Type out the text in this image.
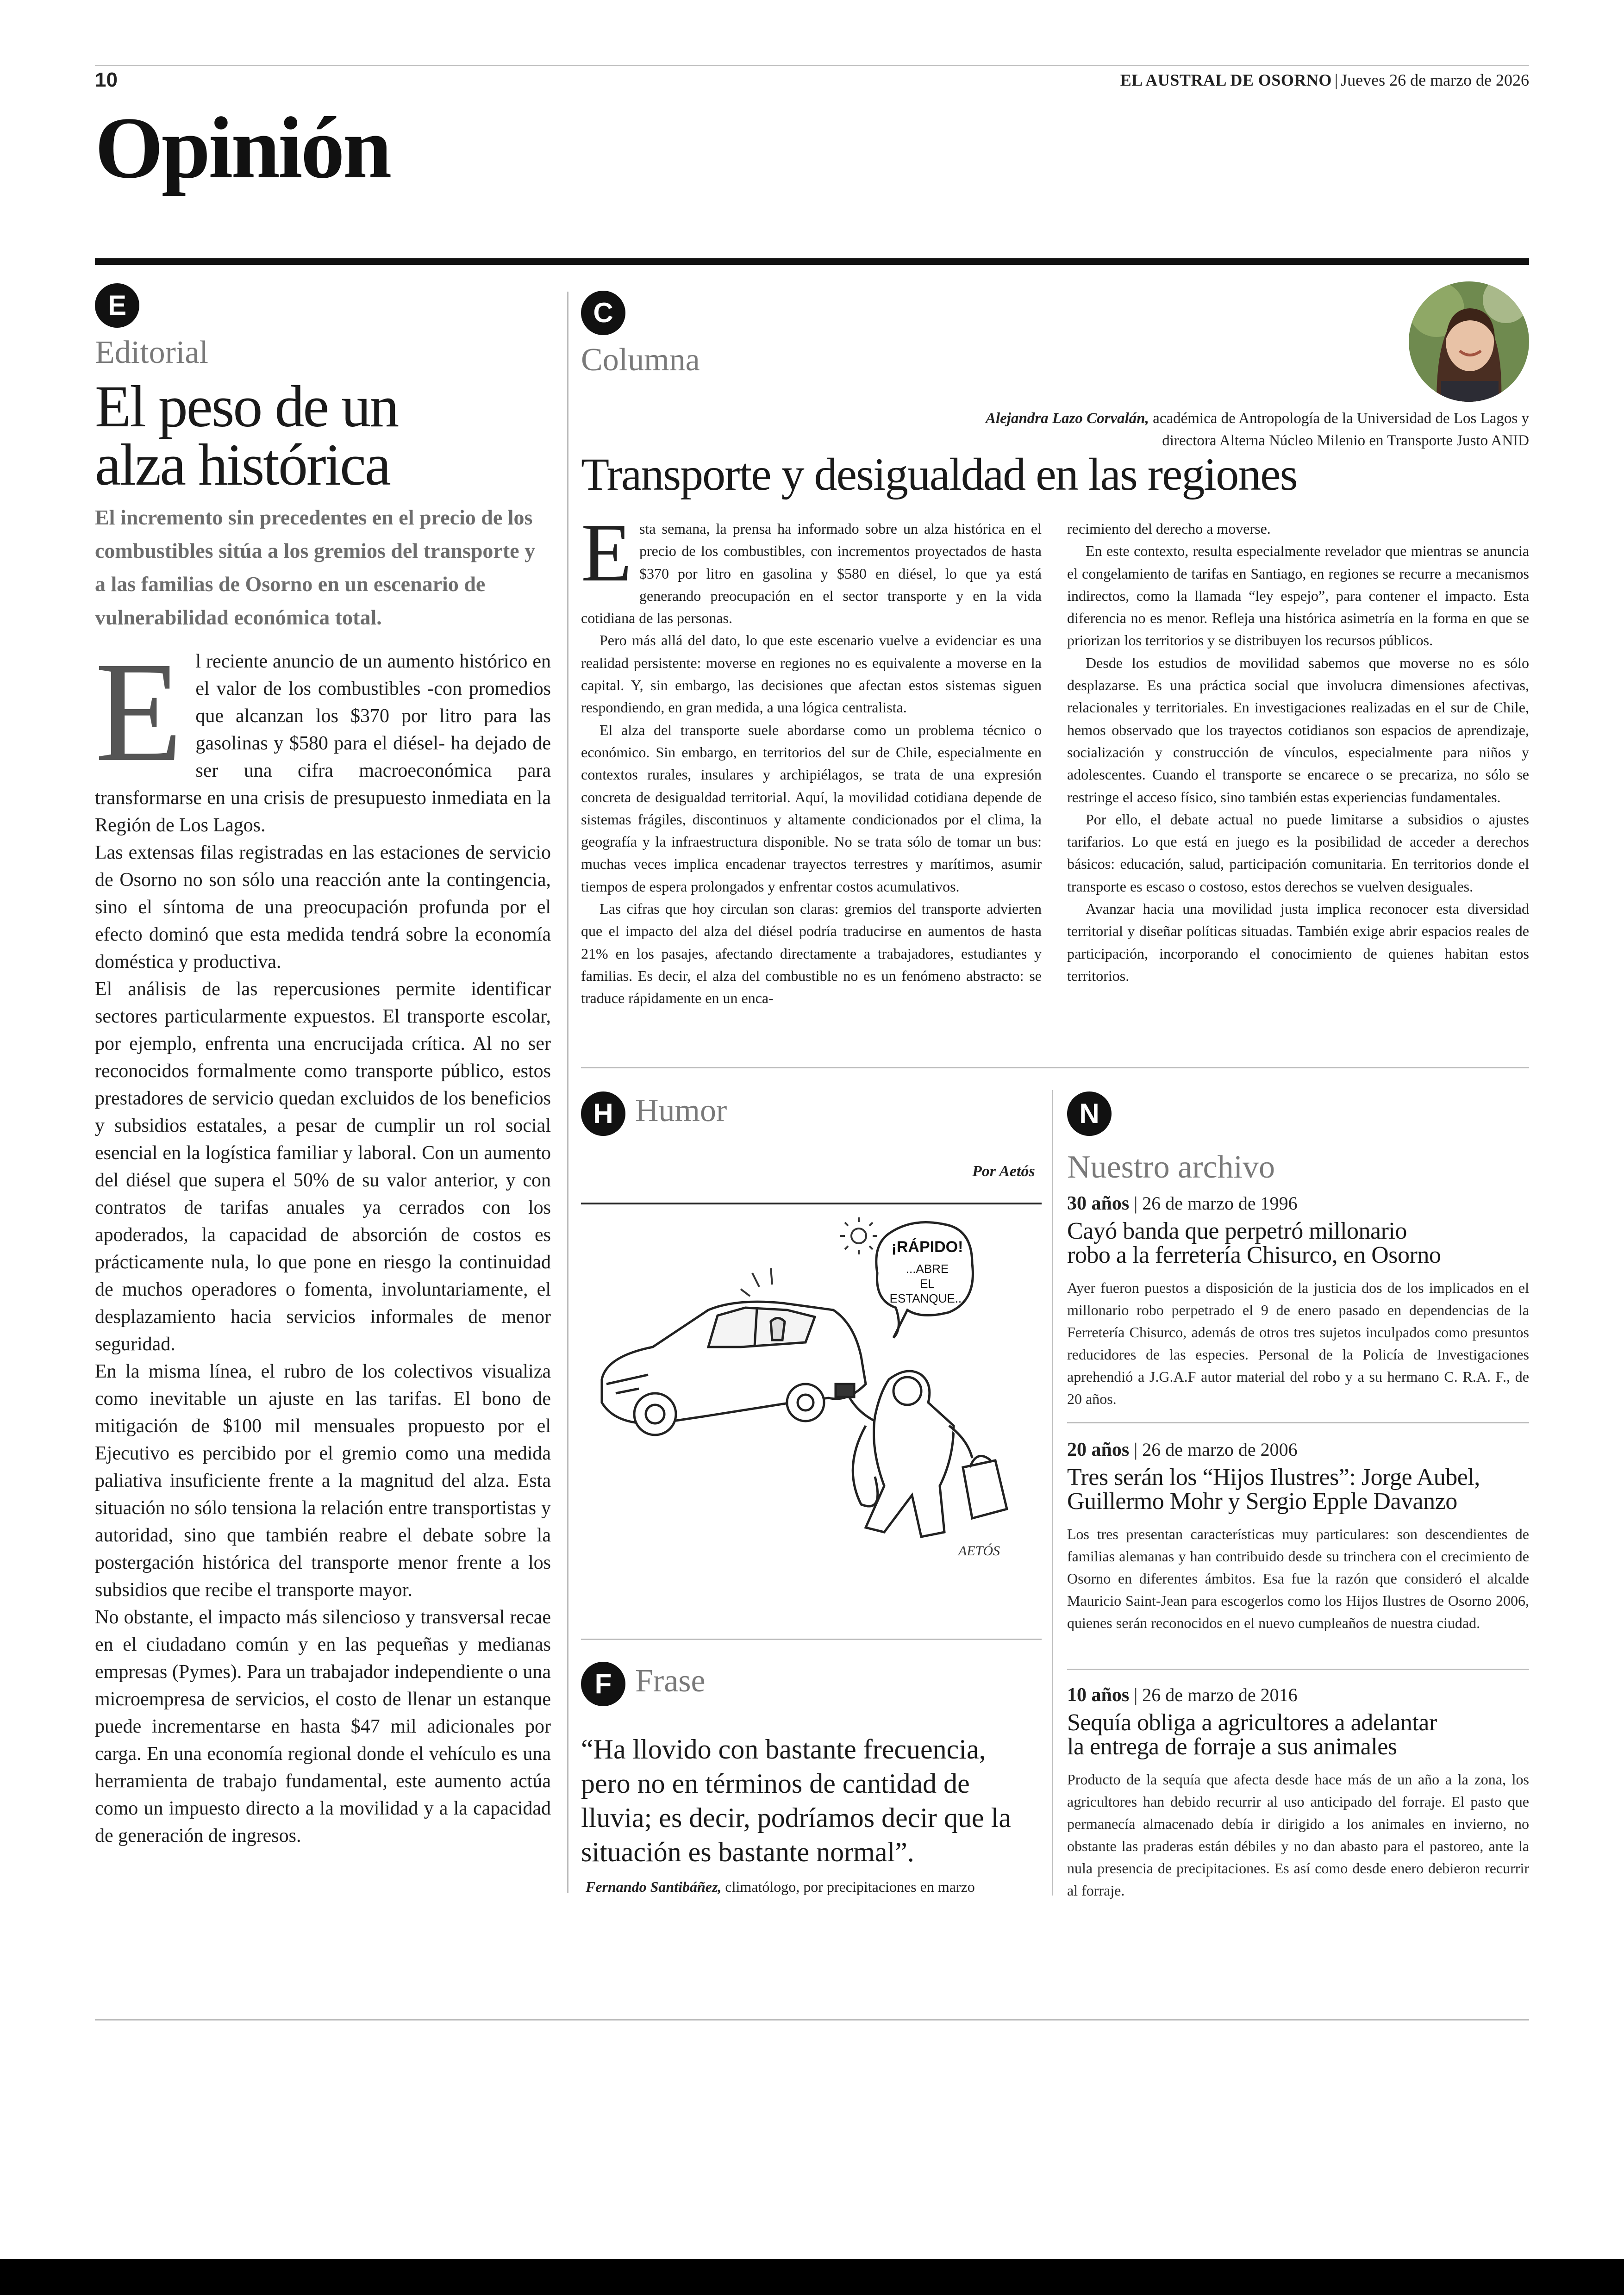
10	EL AUSTRAL DE OSORNO | Jueves 26 de marzo de 2026
Opinión
E
Editorial
El peso de un
alza histórica
El incremento sin precedentes en el precio de los combustibles sitúa a los gremios del transporte y a las familias de Osorno en un escenario de vulnerabilidad económica total.
E l reciente anuncio de un aumento histórico en el valor de los combustibles -con promedios que alcanzan los $370 por litro para las gasolinas y $580 para el diésel- ha dejado de ser una cifra macroeconómica para transformarse en una crisis de presupuesto inmediata en la Región de Los Lagos.

Las extensas filas registradas en las estaciones de servicio de Osorno no son sólo una reacción ante la contingencia, sino el síntoma de una preocupación profunda por el efecto dominó que esta medida tendrá sobre la economía doméstica y productiva.

El análisis de las repercusiones permite identificar sectores particularmente expuestos. El transporte escolar, por ejemplo, enfrenta una encrucijada crítica. Al no ser reconocidos formalmente como transporte público, estos prestadores de servicio quedan excluidos de los beneficios y subsidios estatales, a pesar de cumplir un rol social esencial en la logística familiar y laboral. Con un aumento del diésel que supera el 50% de su valor anterior, y con contratos de tarifas anuales ya cerrados con los apoderados, la capacidad de absorción de costos es prácticamente nula, lo que pone en riesgo la continuidad de muchos operadores o fomenta, involuntariamente, el desplazamiento hacia servicios informales de menor seguridad.

En la misma línea, el rubro de los colectivos visualiza como inevitable un ajuste en las tarifas. El bono de mitigación de $100 mil mensuales propuesto por el Ejecutivo es percibido por el gremio como una medida paliativa insuficiente frente a la magnitud del alza. Esta situación no sólo tensiona la relación entre transportistas y autoridad, sino que también reabre el debate sobre la postergación histórica del transporte menor frente a los subsidios que recibe el transporte mayor.

No obstante, el impacto más silencioso y transversal recae en el ciudadano común y en las pequeñas y medianas empresas (Pymes). Para un trabajador independiente o una microempresa de servicios, el costo de llenar un estanque puede incrementarse en hasta $47 mil adicionales por carga. En una economía regional donde el vehículo es una herramienta de trabajo fundamental, este aumento actúa como un impuesto directo a la movilidad y a la capacidad de generación de ingresos.

C
Columna
Alejandra Lazo Corvalán, académica de Antropología de la Universidad de Los Lagos y directora Alterna Núcleo Milenio en Transporte Justo ANID
Transporte y desigualdad en las regiones
E sta semana, la prensa ha informado sobre un alza histórica en el precio de los combustibles, con incrementos proyectados de hasta $370 por litro en gasolina y $580 en diésel, lo que ya está generando preocupación en el sector transporte y en la vida cotidiana de las personas.

Pero más allá del dato, lo que este escenario vuelve a evidenciar es una realidad persistente: moverse en regiones no es equivalente a moverse en la capital. Y, sin embargo, las decisiones que afectan estos sistemas siguen respondiendo, en gran medida, a una lógica centralista.

El alza del transporte suele abordarse como un problema técnico o económico. Sin embargo, en territorios del sur de Chile, especialmente en contextos rurales, insulares y archipiélagos, se trata de una expresión concreta de desigualdad territorial. Aquí, la movilidad cotidiana depende de sistemas frágiles, discontinuos y altamente condicionados por el clima, la geografía y la infraestructura disponible. No se trata sólo de tomar un bus: muchas veces implica encadenar trayectos terrestres y marítimos, asumir tiempos de espera prolongados y enfrentar costos acumulativos.

Las cifras que hoy circulan son claras: gremios del transporte advierten que el impacto del alza del diésel podría traducirse en aumentos de hasta 21% en los pasajes, afectando directamente a trabajadores, estudiantes y familias. Es decir, el alza del combustible no es un fenómeno abstracto: se traduce rápidamente en un enca-

recimiento del derecho a moverse.

En este contexto, resulta especialmente revelador que mientras se anuncia el congelamiento de tarifas en Santiago, en regiones se recurre a mecanismos indirectos, como la llamada “ley espejo”, para contener el impacto. Esta diferencia no es menor. Refleja una histórica asimetría en la forma en que se priorizan los territorios y se distribuyen los recursos públicos.

Desde los estudios de movilidad sabemos que moverse no es sólo desplazarse. Es una práctica social que involucra dimensiones afectivas, relacionales y territoriales. En investigaciones realizadas en el sur de Chile, hemos observado que los trayectos cotidianos son espacios de aprendizaje, socialización y construcción de vínculos, especialmente para niños y adolescentes. Cuando el transporte se encarece o se precariza, no sólo se restringe el acceso físico, sino también estas experiencias fundamentales.

Por ello, el debate actual no puede limitarse a subsidios o ajustes tarifarios. Lo que está en juego es la posibilidad de acceder a derechos básicos: educación, salud, participación comunitaria. En territorios donde el transporte es escaso o costoso, estos derechos se vuelven desiguales.

Avanzar hacia una movilidad justa implica reconocer esta diversidad territorial y diseñar políticas situadas. También exige abrir espacios reales de participación, incorporando el conocimiento de quienes habitan estos territorios.

H Humor
Por Aetós
¡RÁPIDO!
...ABRE
EL
ESTANQUE...
AETÓS
F Frase
“Ha llovido con bastante frecuencia, pero no en términos de cantidad de lluvia; es decir, podríamos decir que la situación es bastante normal”.
Fernando Santibáñez, climatólogo, por precipitaciones en marzo
N
Nuestro archivo
30 años | 26 de marzo de 1996
Cayó banda que perpetró millonario
robo a la ferretería Chisurco, en Osorno
Ayer fueron puestos a disposición de la justicia dos de los implicados en el millonario robo perpetrado el 9 de enero pasado en dependencias de la Ferretería Chisurco, además de otros tres sujetos inculpados como presuntos reducidores de las especies. Personal de la Policía de Investigaciones aprehendió a J.G.A.F autor material del robo y a su hermano C. R.A. F., de 20 años.
20 años | 26 de marzo de 2006
Tres serán los “Hijos Ilustres”: Jorge Aubel,
Guillermo Mohr y Sergio Epple Davanzo
Los tres presentan características muy particulares: son descendientes de familias alemanas y han contribuido desde su trinchera con el crecimiento de Osorno en diferentes ámbitos. Esa fue la razón que consideró el alcalde Mauricio Saint-Jean para escogerlos como los Hijos Ilustres de Osorno 2006, quienes serán reconocidos en el nuevo cumpleaños de nuestra ciudad.
10 años | 26 de marzo de 2016
Sequía obliga a agricultores a adelantar
la entrega de forraje a sus animales
Producto de la sequía que afecta desde hace más de un año a la zona, los agricultores han debido recurrir al uso anticipado del forraje. El pasto que permanecía almacenado debía ir dirigido a los animales en invierno, no obstante las praderas están débiles y no dan abasto para el pastoreo, ante la nula presencia de precipitaciones. Es así como desde enero debieron recurrir al forraje.
